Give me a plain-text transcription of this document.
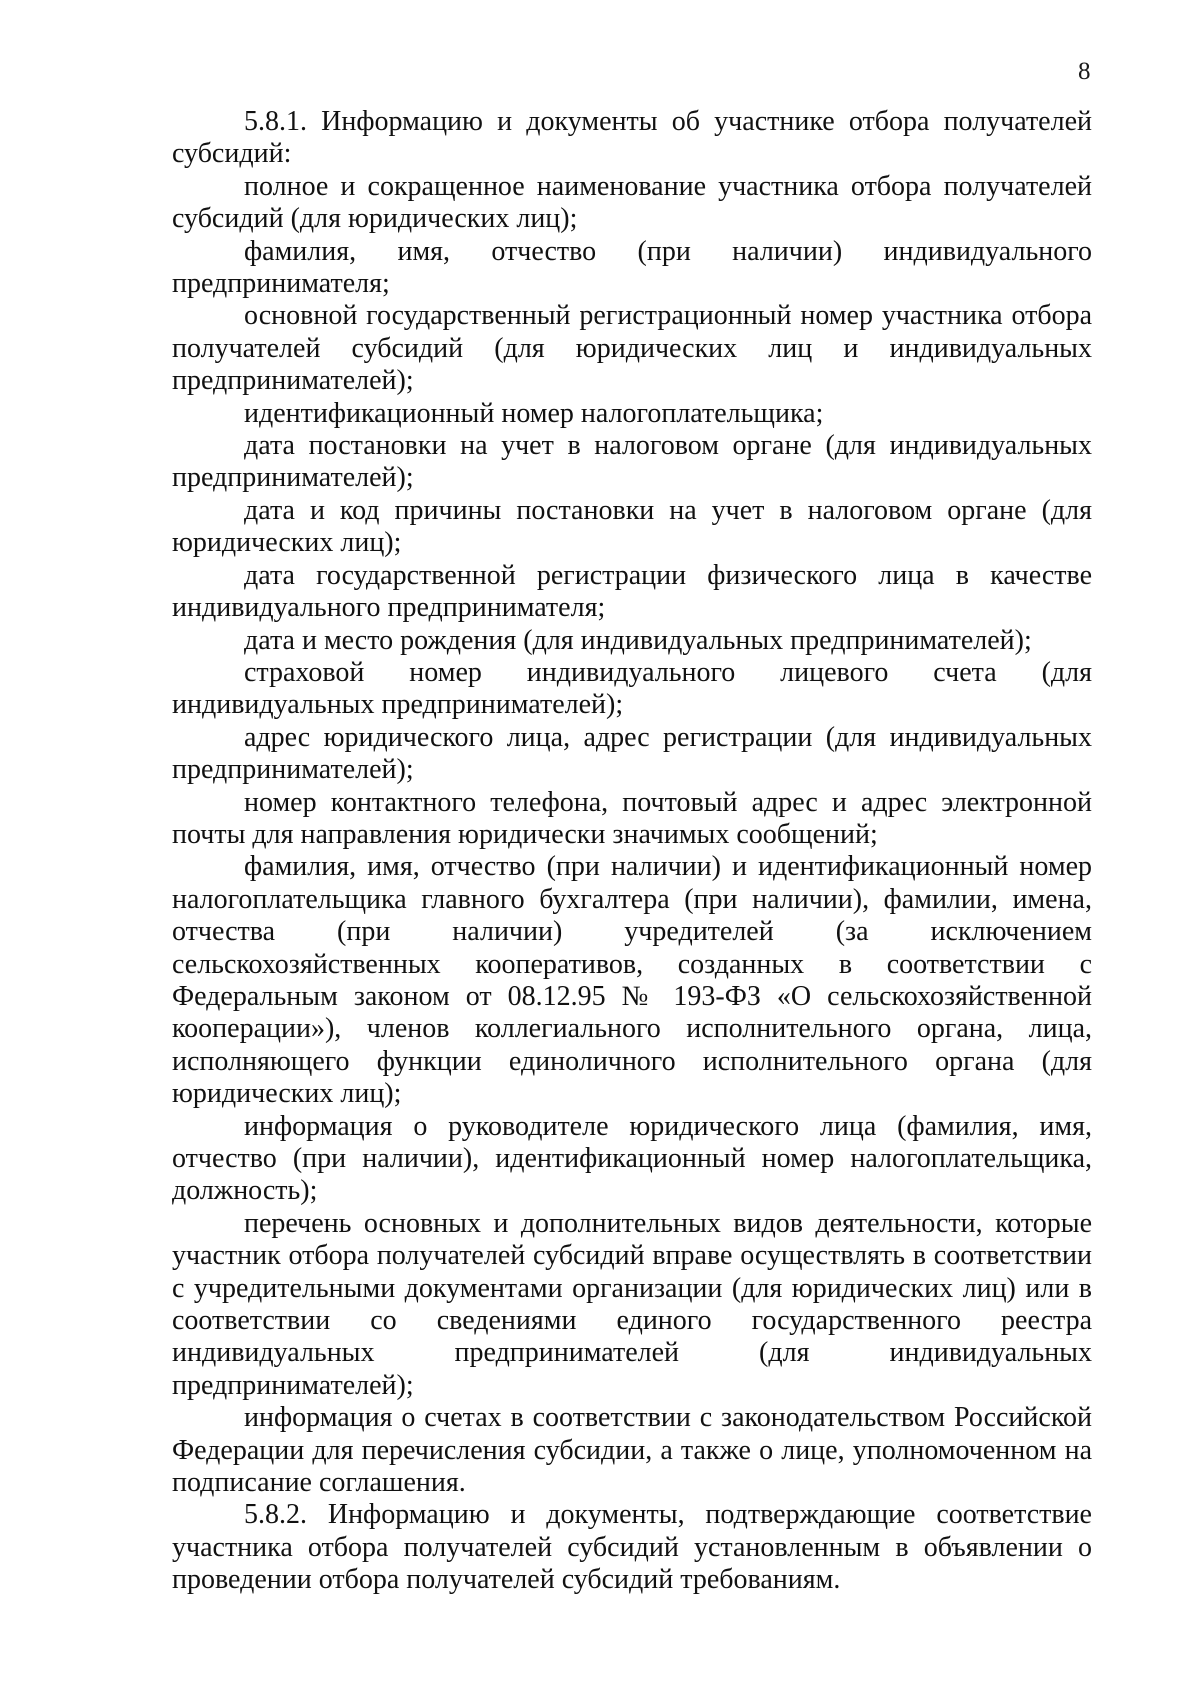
8

5.8.1. Информацию и документы об участнике отбора получателей субсидий:

полное и сокращенное наименование участника отбора получателей субсидий (для юридических лиц);

фамилия, имя, отчество (при наличии) индивидуального предпринимателя;

основной государственный регистрационный номер участника отбора получателей субсидий (для юридических лиц и индивидуальных предпринимателей);

идентификационный номер налогоплательщика;

дата постановки на учет в налоговом органе (для индивидуальных предпринимателей);

дата и код причины постановки на учет в налоговом органе (для юридических лиц);

дата государственной регистрации физического лица в качестве индивидуального предпринимателя;

дата и место рождения (для индивидуальных предпринимателей);

страховой номер индивидуального лицевого счета (для индивидуальных предпринимателей);

адрес юридического лица, адрес регистрации (для индивидуальных предпринимателей);

номер контактного телефона, почтовый адрес и адрес электронной почты для направления юридически значимых сообщений;

фамилия, имя, отчество (при наличии) и идентификационный номер налогоплательщика главного бухгалтера (при наличии), фамилии, имена, отчества (при наличии) учредителей (за исключением сельскохозяйственных кооперативов, созданных в соответствии с Федеральным законом от 08.12.95 № 193-ФЗ «О сельскохозяйственной кооперации»), членов коллегиального исполнительного органа, лица, исполняющего функции единоличного исполнительного органа (для юридических лиц);

информация о руководителе юридического лица (фамилия, имя, отчество (при наличии), идентификационный номер налогоплательщика, должность);

перечень основных и дополнительных видов деятельности, которые участник отбора получателей субсидий вправе осуществлять в соответствии с учредительными документами организации (для юридических лиц) или в соответствии со сведениями единого государственного реестра индивидуальных предпринимателей (для индивидуальных предпринимателей);

информация о счетах в соответствии с законодательством Российской Федерации для перечисления субсидии, а также о лице, уполномоченном на подписание соглашения.

5.8.2. Информацию и документы, подтверждающие соответствие участника отбора получателей субсидий установленным в объявлении о проведении отбора получателей субсидий требованиям.
